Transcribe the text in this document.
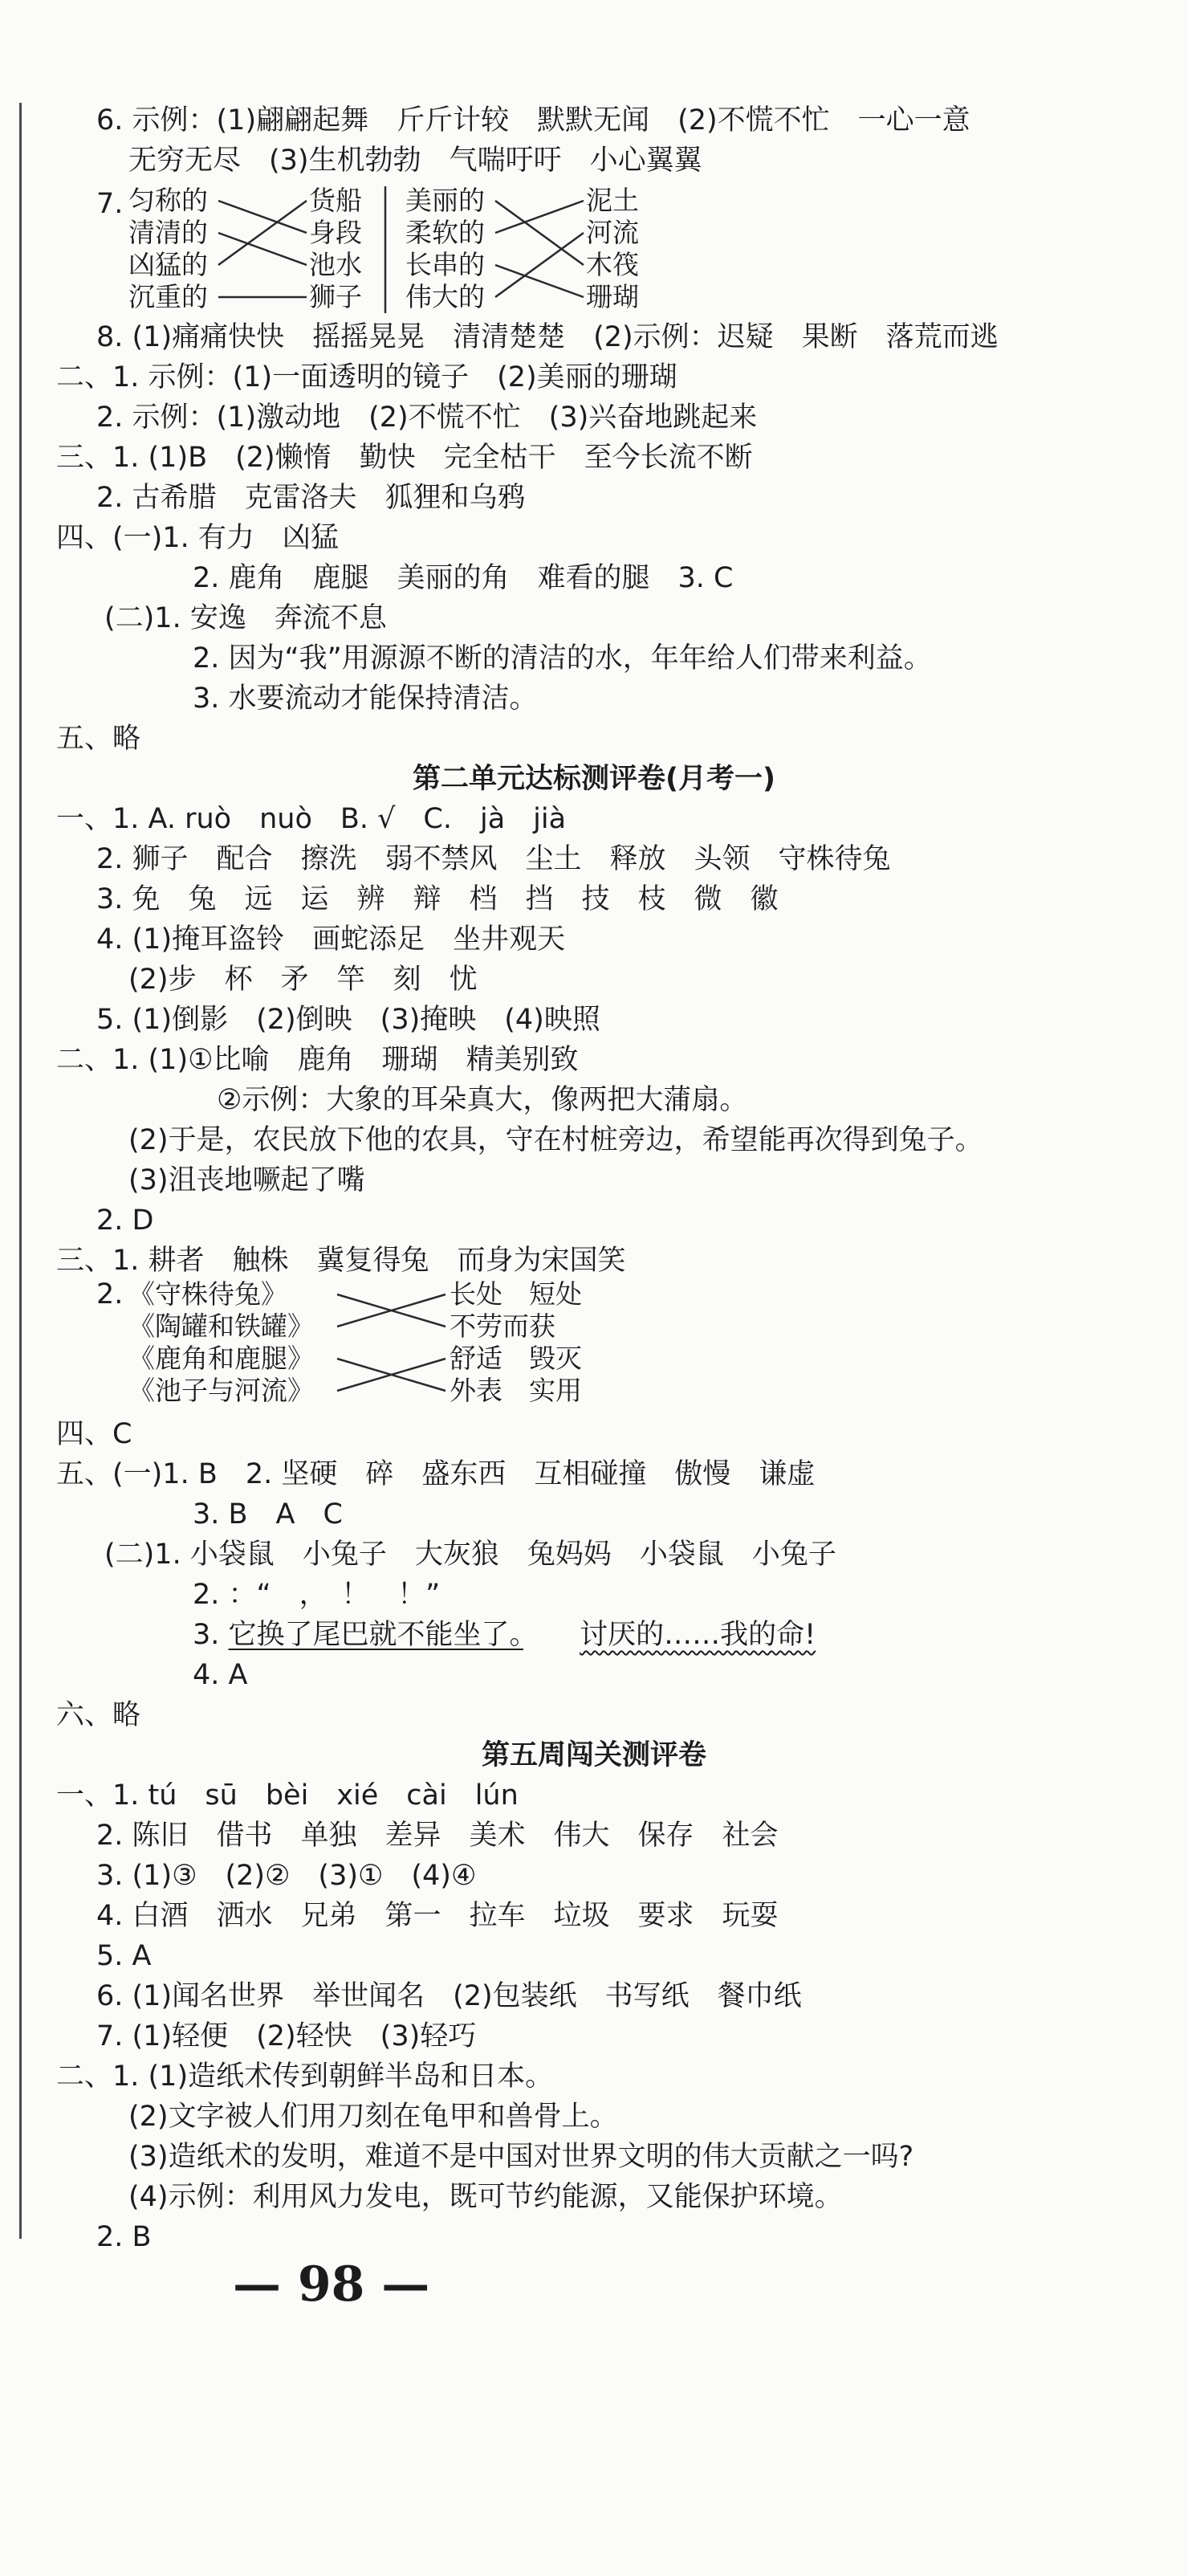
6. 示例：(1)翩翩起舞　斤斤计较　默默无闻　(2)不慌不忙　一心一意
无穷无尽　(3)生机勃勃　气喘吁吁　小心翼翼
7. 匀称的
清清的
凶猛的
沉重的
货船
身段
池水
狮子
美丽的
柔软的
长串的
伟大的
泥土
河流
木筏
珊瑚
8. (1)痛痛快快　摇摇晃晃　清清楚楚　(2)示例：迟疑　果断　落荒而逃
二、1. 示例：(1)一面透明的镜子　(2)美丽的珊瑚
2. 示例：(1)激动地　(2)不慌不忙　(3)兴奋地跳起来
三、1. (1)B　(2)懒惰　勤快　完全枯干　至今长流不断
2. 古希腊　克雷洛夫　狐狸和乌鸦
四、(一)1. 有力　凶猛
2. 鹿角　鹿腿　美丽的角　难看的腿　3. C
(二)1. 安逸　奔流不息
2. 因为“我”用源源不断的清洁的水，年年给人们带来利益。
3. 水要流动才能保持清洁。
五、略
第二单元达标测评卷(月考一)
一、1. A. ruò　nuò　B. √　C.　jà　jià
2. 狮子　配合　擦洗　弱不禁风　尘土　释放　头领　守株待兔
3. 免　兔　远　运　辨　辩　档　挡　技　枝　微　徽
4. (1)掩耳盗铃　画蛇添足　坐井观天
(2)步　杯　矛　竿　刻　忧
5. (1)倒影　(2)倒映　(3)掩映　(4)映照
二、1. (1)①比喻　鹿角　珊瑚　精美别致
②示例：大象的耳朵真大，像两把大蒲扇。
(2)于是，农民放下他的农具，守在村桩旁边，希望能再次得到兔子。
(3)沮丧地噘起了嘴
2. D
三、1. 耕者　触株　冀复得兔　而身为宋国笑
2. 《守株待兔》
《陶罐和铁罐》
《鹿角和鹿腿》
《池子与河流》
长处　短处
不劳而获
舒适　毁灭
外表　实用
四、C
五、(一)1. B　2. 坚硬　碎　盛东西　互相碰撞　傲慢　谦虚
3. B　A　C
(二)1. 小袋鼠　小兔子　大灰狼　兔妈妈　小袋鼠　小兔子
2. ：“　，　！　！”
3. 它换了尾巴就不能坐了。　　 讨厌的……我的命!
4. A
六、略
第五周闯关测评卷
一、1. tú　sū　bèi　xié　cài　lún
2. 陈旧　借书　单独　差异　美术　伟大　保存　社会
3. (1)③　(2)②　(3)①　(4)④
4. 白酒　洒水　兄弟　第一　拉车　垃圾　要求　玩耍
5. A
6. (1)闻名世界　举世闻名　(2)包装纸　书写纸　餐巾纸
7. (1)轻便　(2)轻快　(3)轻巧
二、1. (1)造纸术传到朝鲜半岛和日本。
(2)文字被人们用刀刻在龟甲和兽骨上。
(3)造纸术的发明，难道不是中国对世界文明的伟大贡献之一吗?
(4)示例：利用风力发电，既可节约能源，又能保护环境。
2. B
— 98 —
